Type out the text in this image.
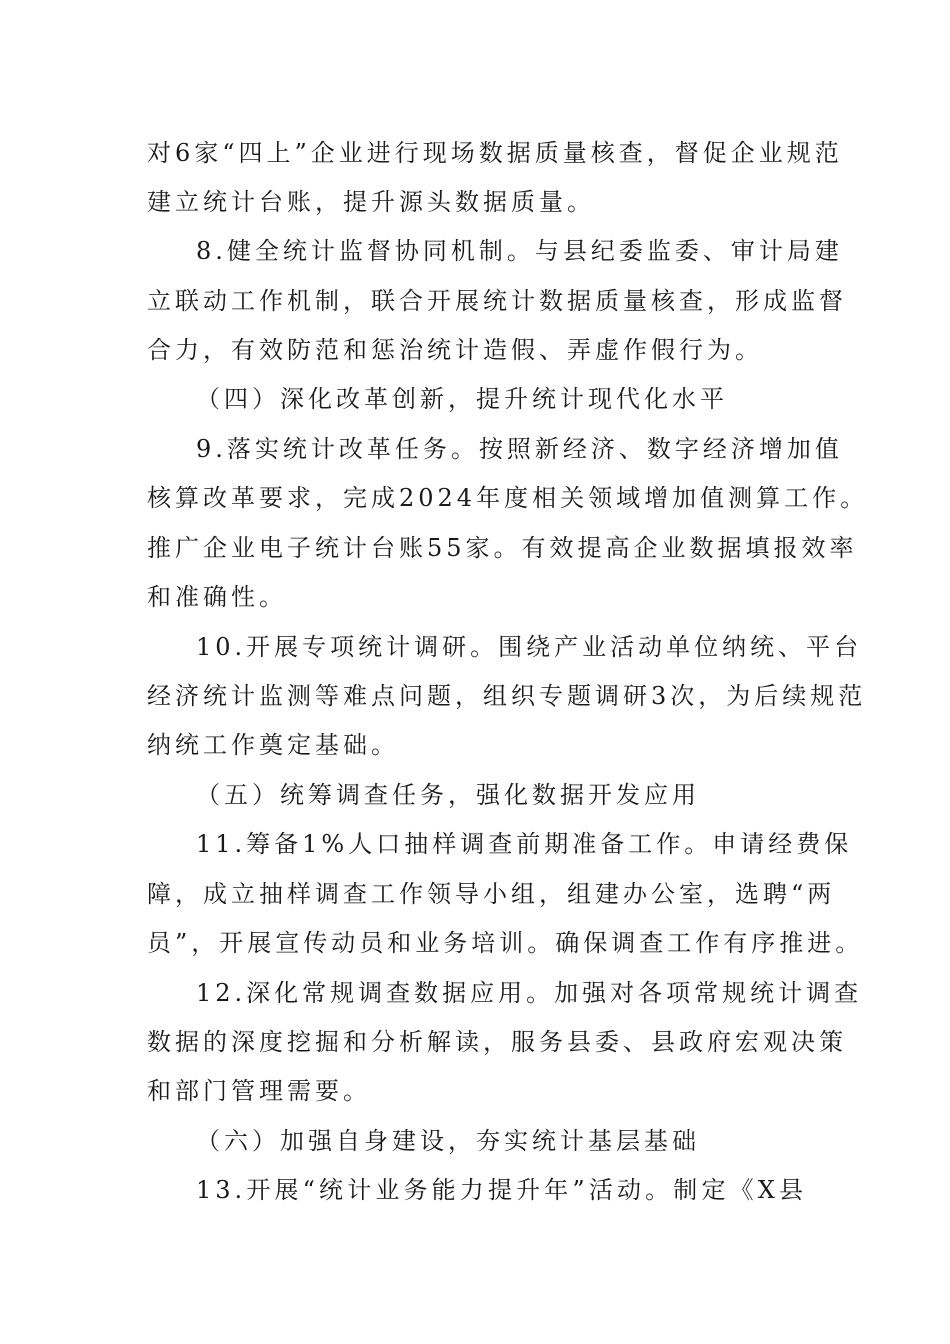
对6家“四上”企业进行现场数据质量核查，督促企业规范
建立统计台账，提升源头数据质量。
8.健全统计监督协同机制。与县纪委监委、审计局建
立联动工作机制，联合开展统计数据质量核查，形成监督
合力，有效防范和惩治统计造假、弄虚作假行为。
（四）深化改革创新，提升统计现代化水平
9.落实统计改革任务。按照新经济、数字经济增加值
核算改革要求，完成2024年度相关领域增加值测算工作。
推广企业电子统计台账55家。有效提高企业数据填报效率
和准确性。
10.开展专项统计调研。围绕产业活动单位纳统、平台
经济统计监测等难点问题，组织专题调研3次，为后续规范
纳统工作奠定基础。
（五）统筹调查任务，强化数据开发应用
11.筹备1%人口抽样调查前期准备工作。申请经费保
障，成立抽样调查工作领导小组，组建办公室，选聘“两
员”，开展宣传动员和业务培训。确保调查工作有序推进。
12.深化常规调查数据应用。加强对各项常规统计调查
数据的深度挖掘和分析解读，服务县委、县政府宏观决策
和部门管理需要。
（六）加强自身建设，夯实统计基层基础
13.开展“统计业务能力提升年”活动。制定《X县
